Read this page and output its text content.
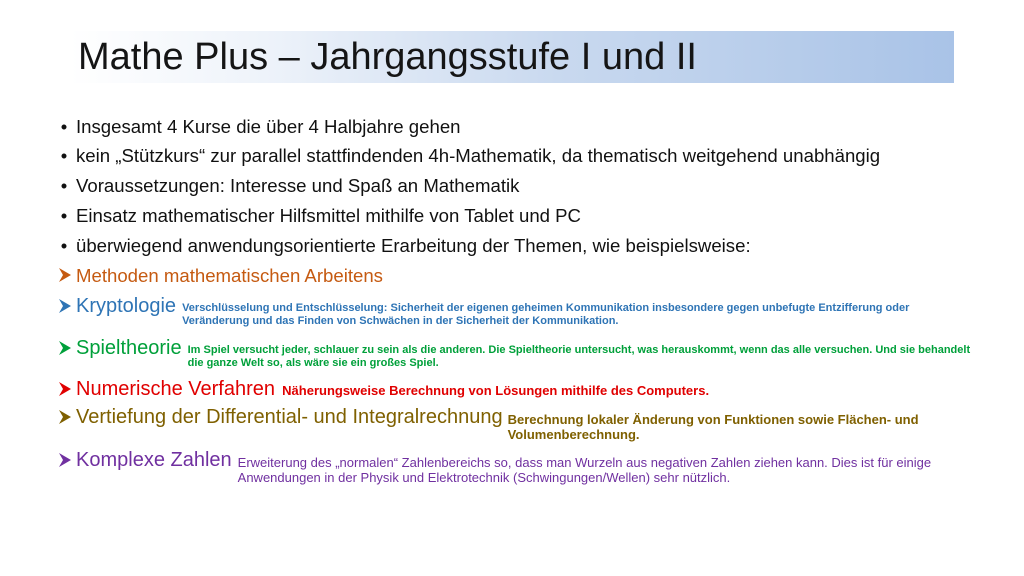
Mathe Plus – Jahrgangsstufe I und II
• Insgesamt 4 Kurse die über 4 Halbjahre gehen
• kein „Stützkurs“ zur parallel stattfindenden 4h-Mathematik, da thematisch weitgehend unabhängig
• Voraussetzungen: Interesse und Spaß an Mathematik
• Einsatz mathematischer Hilfsmittel mithilfe von Tablet und PC
• überwiegend anwendungsorientierte Erarbeitung der Themen, wie beispielsweise:
Methoden mathematischen Arbeitens
Kryptologie Verschlüsselung und Entschlüsselung: Sicherheit der eigenen geheimen Kommunikation insbesondere gegen unbefugte Entzifferung oder Veränderung und das Finden von Schwächen in der Sicherheit der Kommunikation.
Spieltheorie Im Spiel versucht jeder, schlauer zu sein als die anderen. Die Spieltheorie untersucht, was herauskommt, wenn das alle versuchen. Und sie behandelt die ganze Welt so, als wäre sie ein großes Spiel.
Numerische Verfahren Näherungsweise Berechnung von Lösungen mithilfe des Computers.
Vertiefung der Differential- und Integralrechnung Berechnung lokaler Änderung von Funktionen sowie Flächen- und Volumenberechnung.
Komplexe Zahlen Erweiterung des „normalen“ Zahlenbereichs so, dass man Wurzeln aus negativen Zahlen ziehen kann. Dies ist für einige Anwendungen in der Physik und Elektrotechnik (Schwingungen/Wellen) sehr nützlich.
